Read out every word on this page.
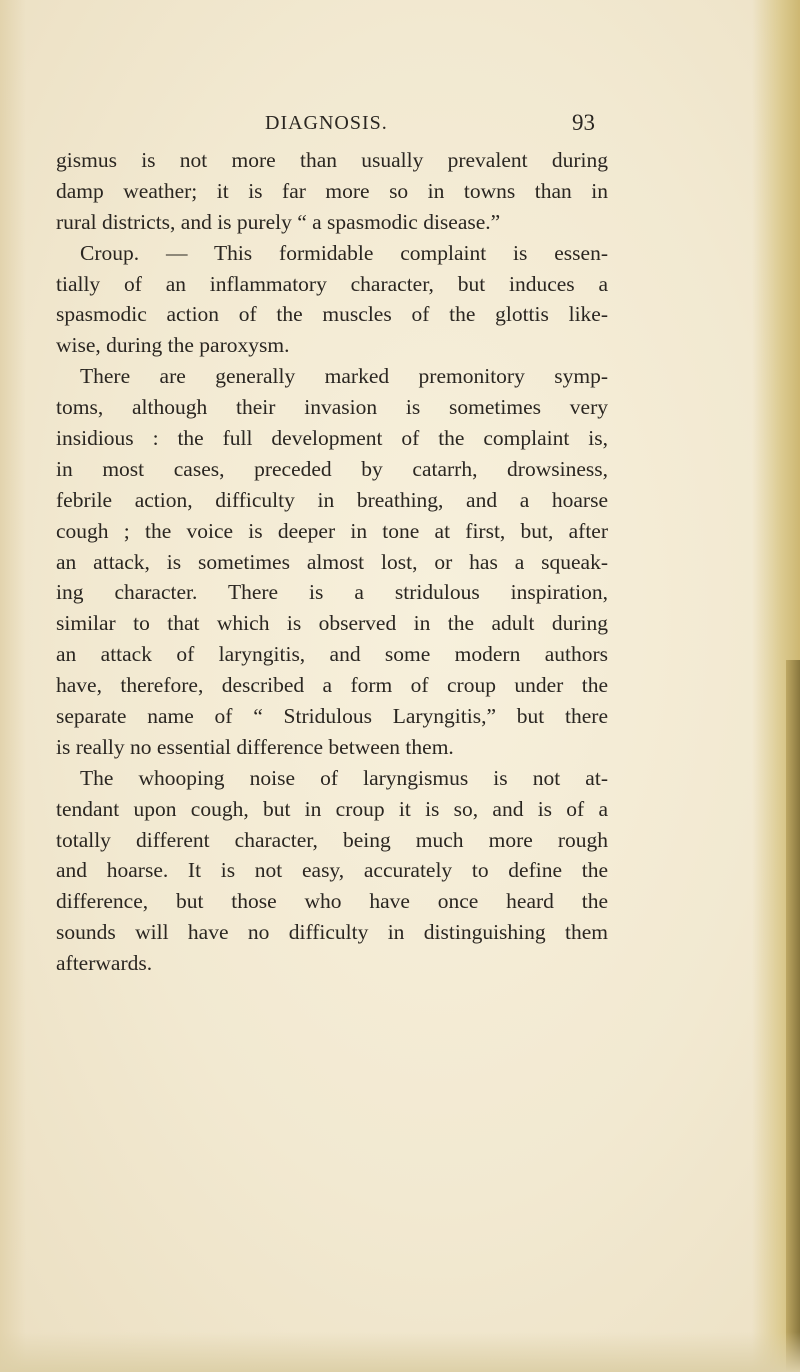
DIAGNOSIS.	93
gismus is not more than usually prevalent during
damp weather; it is far more so in towns than in
rural districts, and is purely “ a spasmodic disease.”
Croup. — This formidable complaint is essen-
tially of an inflammatory character, but induces a
spasmodic action of the muscles of the glottis like-
wise, during the paroxysm.
There are generally marked premonitory symp-
toms, although their invasion is sometimes very
insidious : the full development of the complaint is,
in most cases, preceded by catarrh, drowsiness,
febrile action, difficulty in breathing, and a hoarse
cough ; the voice is deeper in tone at first, but, after
an attack, is sometimes almost lost, or has a squeak-
ing character. There is a stridulous inspiration,
similar to that which is observed in the adult during
an attack of laryngitis, and some modern authors
have, therefore, described a form of croup under the
separate name of “ Stridulous Laryngitis,” but there
is really no essential difference between them.
The whooping noise of laryngismus is not at-
tendant upon cough, but in croup it is so, and is of a
totally different character, being much more rough
and hoarse. It is not easy, accurately to define the
difference, but those who have once heard the
sounds will have no difficulty in distinguishing them
afterwards.
